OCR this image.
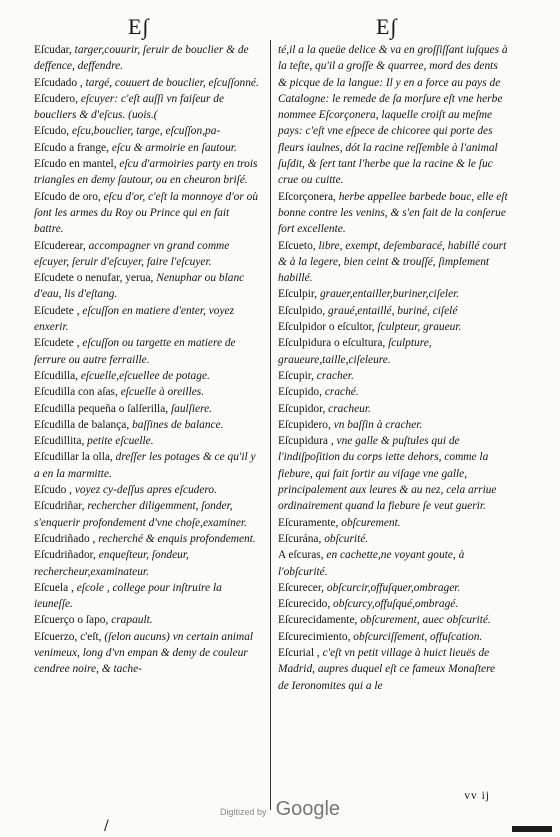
E∫	E∫

Eſcudar, targer,couurir, ſeruir de bouclier & de deffence, deffendre.

Eſcudado , targé, couuert de bouclier, eſcuſſonné.

Eſcudero, eſcuyer: c'eſt auſſi vn faiſeur de boucliers & d'eſcus. (uois.(

Eſcudo, eſcu,bouclier, targe, eſcuſſon,pa-

Eſcudo a frange, eſcu & armoirie en ſautour.

Eſcudo en mantel, eſcu d'armoiries party en trois triangles en demy ſautour, ou en cheuron briſé.

Eſcudo de oro, eſcu d'or, c'eſt la monnoye d'or où ſont les armes du Roy ou Prince qui en fait battre.

Eſcuderear, accompagner vn grand comme eſcuyer, ſeruir d'eſcuyer, faire l'eſcuyer.

Eſcudete o nenufar, yerua, Nenuphar ou blanc d'eau, lis d'eſtang.

Eſcudete , eſcuſſon en matiere d'enter, voyez enxerir.

Eſcudete , eſcuſſon ou targette en matiere de ſerrure ou autre ferraille.

Eſcudilla, eſcuelle,eſcuellee de potage.

Eſcudilla con aſas, eſcuelle à oreilles.

Eſcudilla pequeña o ſalſerilla, ſaulſiere.

Eſcudilla de balança, baſſines de balance.

Eſcudillita, petite eſcuelle.

Eſcudillar la olla, dreſſer les potages & ce qu'il y a en la marmitte.

Eſcudo , voyez cy-deſſus apres eſcudero.

Eſcudriñar, rechercher diligemment, ſonder, s'enquerir profondement d'vne choſe,examiner.

Eſcudriñado , recherché & enquis profondement.

Eſcudriñador, enqueſteur, ſondeur, rechercheur,examinateur.

Eſcuela , eſcole , college pour inſtruire la ieuneſſe.

Eſcuerço o ſapo, crapault.

Eſcuerzo, c'eſt, (ſelon aucuns) vn certain animal venimeux, long d'vn empan & demy de couleur cendree noire, & tache-

té,il a la queüe delice & va en groſſiſſant iuſques à la teſte, qu'il a groſſe & quarree, mord des dents & picque de la langue: Il y en a force au pays de Catalogne: le remede de ſa morſure eſt vne herbe nommee Eſcorçonera, laquelle croiſt au meſme pays: c'eſt vne eſpece de chicoree qui porte des fleurs iaulnes, dót la racine reſſemble à l'animal ſuſdit, & ſert tant l'herbe que la racine & le ſuc crue ou cuitte.

Eſcorçonera, herbe appellee barbede bouc, elle eſt bonne contre les venins, & s'en fait de la conſerue fort excellente.

Eſcueto, libre, exempt, deſembaracé, habillé court & à la legere, bien ceint & trouſſé, ſimplement habillé.

Eſculpir, grauer,entailler,buriner,ciſeler.

Eſculpido, graué,entaillé, buriné, ciſelé

Eſculpidor o eſcultor, ſculpteur, graueur.

Eſculpidura o eſcultura, ſculpture, graueure,taille,ciſeleure.

Eſcupir, cracher.

Eſcupido, craché.

Eſcupidor, cracheur.

Eſcupidero, vn baſſin à cracher.

Eſcupidura , vne galle & puſtules qui de l'indiſpoſition du corps iette dehors, comme la fiebure, qui fait ſortir au viſage vne galle, principalement aux leures & au nez, cela arriue ordinairement quand la fiebure ſe veut guerir.

Eſcuramente, obſcurement.

Eſcurána, obſcurité.

A eſcuras, en cachette,ne voyant goute, à l'obſcurité.

Eſcurecer, obſcurcir,offuſquer,ombrager.

Eſcurecido, obſcurcy,offuſqué,ombragé.

Eſcurecidamente, obſcurement, auec obſcurité.

Eſcurecimiento, obſcurciſſement, offuſcation.

Eſcurial , c'eſt vn petit village à huict lieuës de Madrid, aupres duquel eſt ce fameux Monaſtere de Ieronomites qui a le

vv ij
Digitized by Google
/
